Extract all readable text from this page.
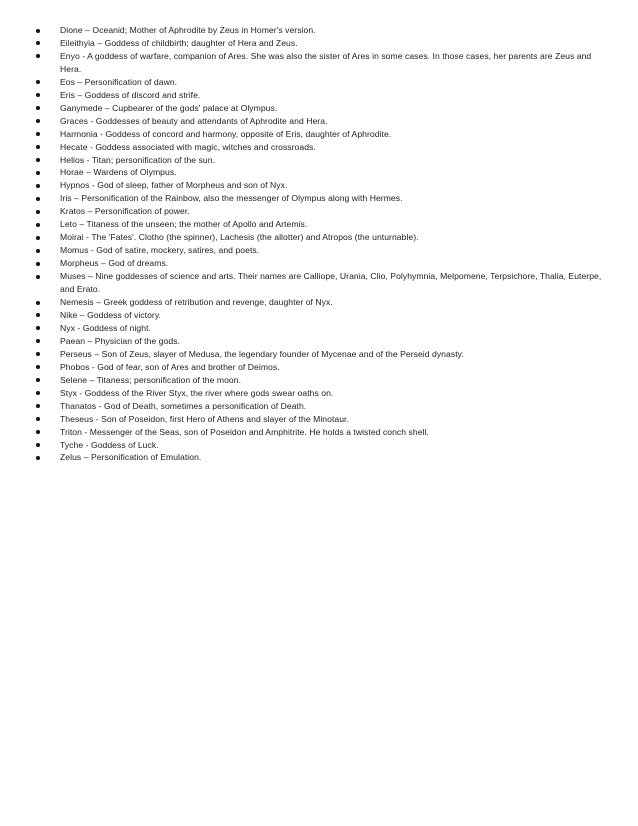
Dione – Oceanid; Mother of Aphrodite by Zeus in Homer's version.
Eileithyia – Goddess of childbirth; daughter of Hera and Zeus.
Enyo - A goddess of warfare, companion of Ares. She was also the sister of Ares in some cases. In those cases, her parents are Zeus and Hera.
Eos – Personification of dawn.
Eris – Goddess of discord and strife.
Ganymede – Cupbearer of the gods' palace at Olympus.
Graces - Goddesses of beauty and attendants of Aphrodite and Hera.
Harmonia - Goddess of concord and harmony, opposite of Eris, daughter of Aphrodite.
Hecate - Goddess associated with magic, witches and crossroads.
Helios - Titan; personification of the sun.
Horae – Wardens of Olympus.
Hypnos - God of sleep, father of Morpheus and son of Nyx.
Iris – Personification of the Rainbow, also the messenger of Olympus along with Hermes.
Kratos – Personification of power.
Leto – Titaness of the unseen; the mother of Apollo and Artemis.
Moirai - The 'Fates'. Clotho (the spinner), Lachesis (the allotter) and Atropos (the unturnable).
Momus - God of satire, mockery, satires, and poets.
Morpheus – God of dreams.
Muses – Nine goddesses of science and arts. Their names are Calliope, Urania, Clio, Polyhymnia, Melpomene, Terpsichore, Thalia, Euterpe, and Erato.
Nemesis – Greek goddess of retribution and revenge, daughter of Nyx.
Nike – Goddess of victory.
Nyx - Goddess of night.
Paean – Physician of the gods.
Perseus – Son of Zeus, slayer of Medusa, the legendary founder of Mycenae and of the Perseid dynasty.
Phobos - God of fear, son of Ares and brother of Deimos.
Selene – Titaness; personification of the moon.
Styx - Goddess of the River Styx, the river where gods swear oaths on.
Thanatos - God of Death, sometimes a personification of Death.
Theseus - Son of Poseidon, first Hero of Athens and slayer of the Minotaur.
Triton - Messenger of the Seas, son of Poseidon and Amphitrite. He holds a twisted conch shell.
Tyche - Goddess of Luck.
Zelus – Personification of Emulation.
